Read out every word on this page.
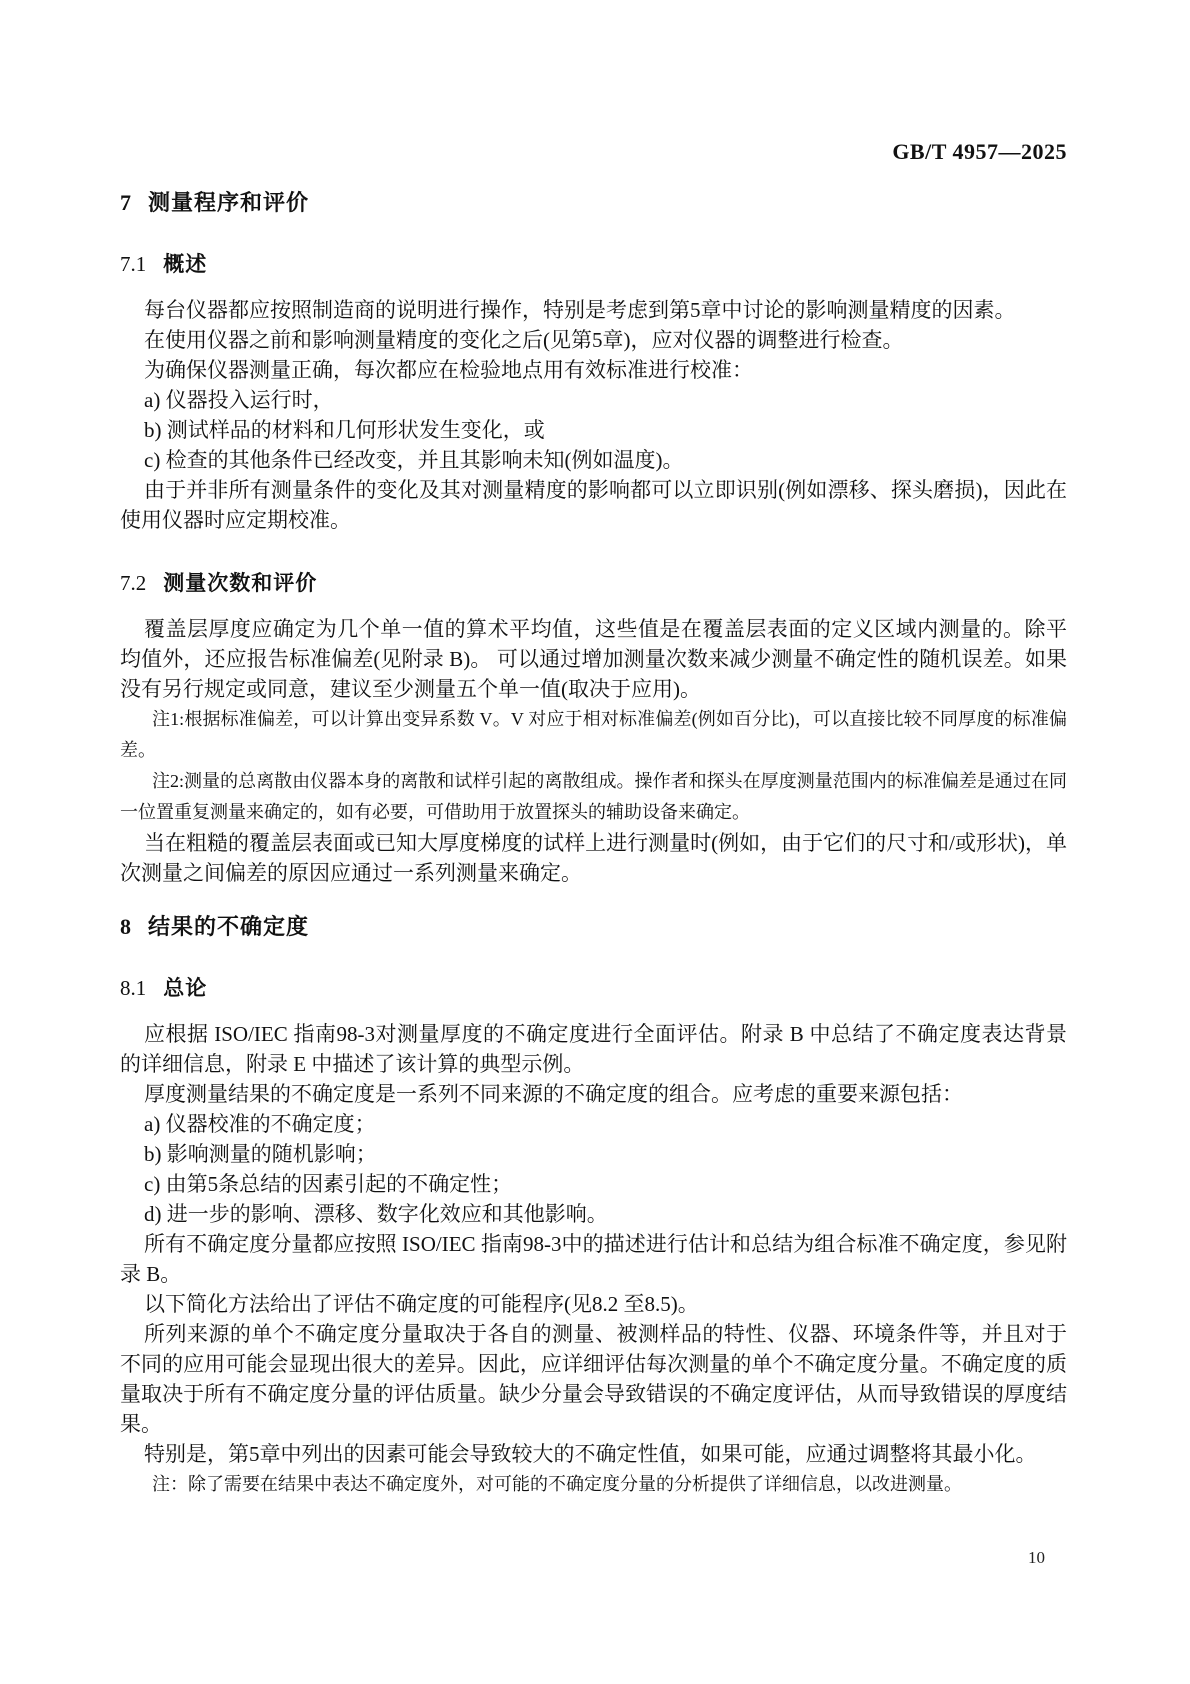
GB/T 4957—2025
7 测量程序和评价
7.1 概述

每台仪器都应按照制造商的说明进行操作，特别是考虑到第5章中讨论的影响测量精度的因素。

在使用仪器之前和影响测量精度的变化之后(见第5章)，应对仪器的调整进行检查。

为确保仪器测量正确，每次都应在检验地点用有效标准进行校准：

a) 仪器投入运行时，

b) 测试样品的材料和几何形状发生变化，或

c) 检查的其他条件已经改变，并且其影响未知(例如温度)。

由于并非所有测量条件的变化及其对测量精度的影响都可以立即识别(例如漂移、探头磨损)，因此在使用仪器时应定期校准。

7.2 测量次数和评价

覆盖层厚度应确定为几个单一值的算术平均值，这些值是在覆盖层表面的定义区域内测量的。除平均值外，还应报告标准偏差(见附录 B)。 可以通过增加测量次数来减少测量不确定性的随机误差。如果没有另行规定或同意，建议至少测量五个单一值(取决于应用)。

注1:根据标准偏差，可以计算出变异系数 V。V 对应于相对标准偏差(例如百分比)，可以直接比较不同厚度的标准偏差。

注2:测量的总离散由仪器本身的离散和试样引起的离散组成。操作者和探头在厚度测量范围内的标准偏差是通过在同一位置重复测量来确定的，如有必要，可借助用于放置探头的辅助设备来确定。

当在粗糙的覆盖层表面或已知大厚度梯度的试样上进行测量时(例如，由于它们的尺寸和/或形状)，单次测量之间偏差的原因应通过一系列测量来确定。

8 结果的不确定度
8.1 总论

应根据 ISO/IEC 指南98-3对测量厚度的不确定度进行全面评估。附录 B 中总结了不确定度表达背景的详细信息，附录 E 中描述了该计算的典型示例。

厚度测量结果的不确定度是一系列不同来源的不确定度的组合。应考虑的重要来源包括：

a) 仪器校准的不确定度；

b) 影响测量的随机影响；

c) 由第5条总结的因素引起的不确定性；

d) 进一步的影响、漂移、数字化效应和其他影响。

所有不确定度分量都应按照 ISO/IEC 指南98-3中的描述进行估计和总结为组合标准不确定度，参见附录 B。

以下简化方法给出了评估不确定度的可能程序(见8.2 至8.5)。

所列来源的单个不确定度分量取决于各自的测量、被测样品的特性、仪器、环境条件等，并且对于不同的应用可能会显现出很大的差异。因此，应详细评估每次测量的单个不确定度分量。不确定度的质量取决于所有不确定度分量的评估质量。缺少分量会导致错误的不确定度评估，从而导致错误的厚度结果。

特别是，第5章中列出的因素可能会导致较大的不确定性值，如果可能，应通过调整将其最小化。

注：除了需要在结果中表达不确定度外，对可能的不确定度分量的分析提供了详细信息，以改进测量。

10
